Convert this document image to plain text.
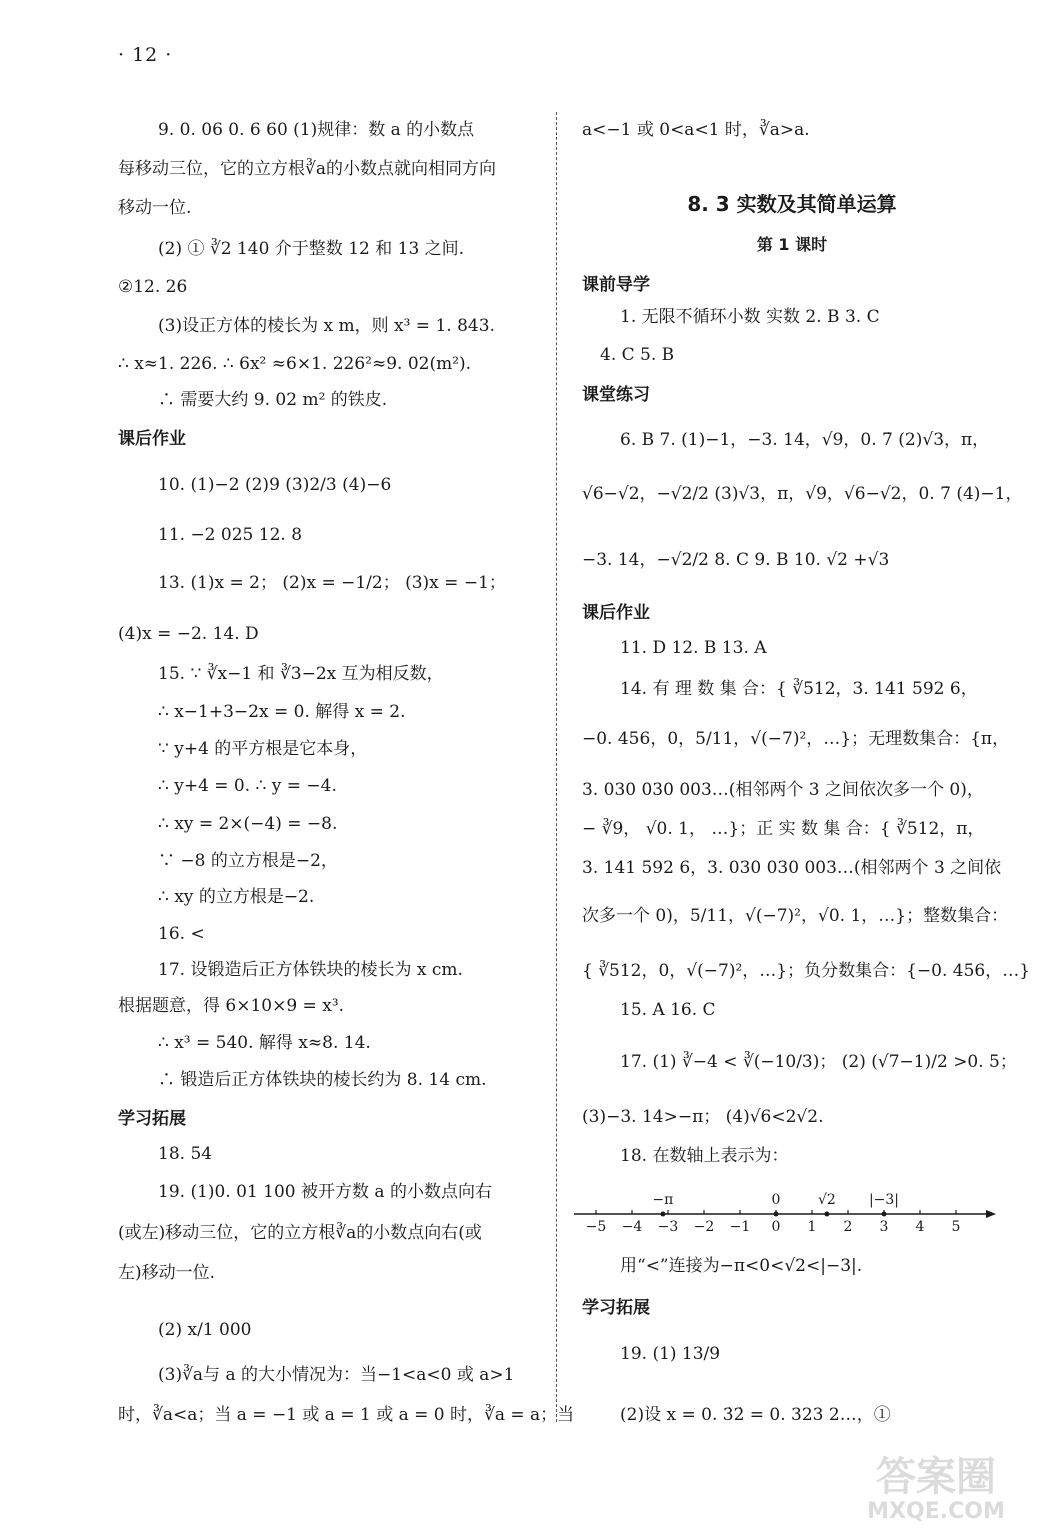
· 12 ·
9. 0. 06 0. 6 60 (1)规律：数 a 的小数点
每移动三位，它的立方根∛a的小数点就向相同方向
移动一位.
(2) ① ∛2 140 介于整数 12 和 13 之间.
②12. 26
(3)设正方体的棱长为 x m，则 x³ = 1. 843.
∴ x≈1. 226. ∴ 6x² ≈6×1. 226²≈9. 02(m²).
∴ 需要大约 9. 02 m² 的铁皮.
课后作业
10. (1)−2 (2)9 (3)2/3 (4)−6
11. −2 025 12. 8
13. (1)x = 2； (2)x = −1/2； (3)x = −1；
(4)x = −2. 14. D
15. ∵ ∛x−1 和 ∛3−2x 互为相反数，
∴ x−1+3−2x = 0. 解得 x = 2.
∵ y+4 的平方根是它本身，
∴ y+4 = 0. ∴ y = −4.
∴ xy = 2×(−4) = −8.
∵ −8 的立方根是−2，
∴ xy 的立方根是−2.
16. <
17. 设锻造后正方体铁块的棱长为 x cm.
根据题意，得 6×10×9 = x³.
∴ x³ = 540. 解得 x≈8. 14.
∴ 锻造后正方体铁块的棱长约为 8. 14 cm.
学习拓展
18. 54
19. (1)0. 01 100 被开方数 a 的小数点向右
(或左)移动三位，它的立方根∛a的小数点向右(或
左)移动一位.
(2) x/1 000
(3)∛a与 a 的大小情况为：当−1<a<0 或 a>1
时，∛a<a；当 a = −1 或 a = 1 或 a = 0 时，∛a = a；当
a<−1 或 0<a<1 时，∛a>a.
8. 3 实数及其简单运算
第 1 课时
课前导学
1. 无限不循环小数 实数 2. B 3. C
4. C 5. B
课堂练习
6. B 7. (1)−1，−3. 14，√9，0. 7̇ (2)√3，π，
√6−√2，−√2/2 (3)√3，π，√9，√6−√2，0. 7̇ (4)−1，
−3. 14，−√2/2 8. C 9. B 10. √2 +√3
课后作业
11. D 12. B 13. A
14. 有 理 数 集 合：{ ∛512，3. 141 592 6，
−0. 456，0，5/11，√(−7)²，…}；无理数集合：{π，
3. 030 030 003…(相邻两个 3 之间依次多一个 0)，
− ∛9， √0. 1， …}；正 实 数 集 合：{ ∛512，π，
3. 141 592 6，3. 030 030 003…(相邻两个 3 之间依
次多一个 0)，5/11，√(−7)²，√0. 1，…}；整数集合：
{ ∛512，0，√(−7)²，…}；负分数集合：{−0. 456，…}
15. A 16. C
17. (1) ∛−4 < ∛(−10/3)； (2) (√7−1)/2 >0. 5；
(3)−3. 14>−π； (4)√6<2√2.
18. 在数轴上表示为：
用“<”连接为−π<0<√2<|−3|.
学习拓展
19. (1) 13/9
(2)设 x = 0. 3̇2̇ = 0. 323 2…，①
−5 −4 −3 −2 −1 0 1 2 3 4 5
−π	0	√2 |−3|
答案圈
MXQE.COM
